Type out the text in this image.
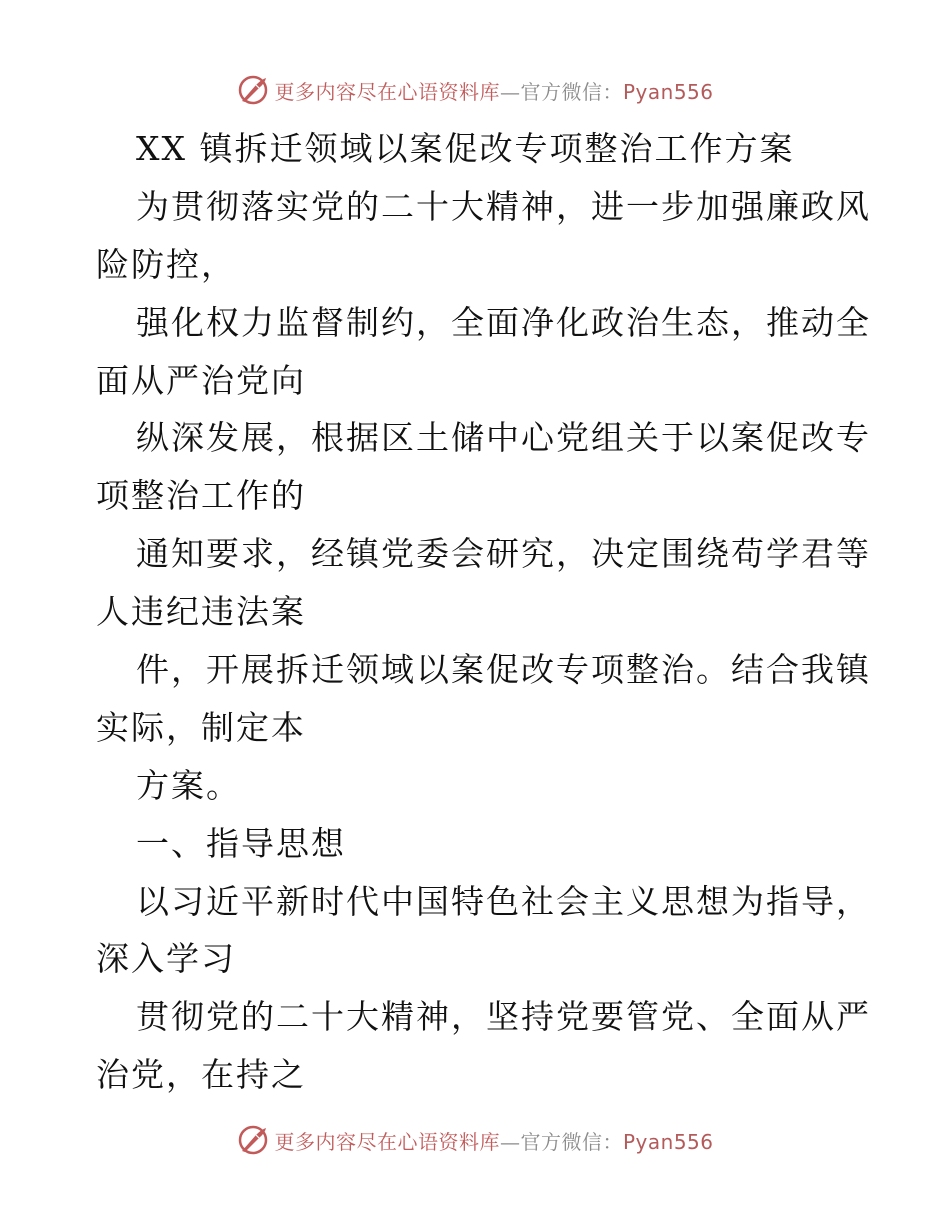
更多内容尽在心语资料库—官方微信：Pyan556
XX 镇拆迁领域以案促改专项整治工作方案
为贯彻落实党的二十大精神，进一步加强廉政风
险防控，
强化权力监督制约，全面净化政治生态，推动全
面从严治党向
纵深发展，根据区土储中心党组关于以案促改专
项整治工作的
通知要求，经镇党委会研究，决定围绕苟学君等
人违纪违法案
件，开展拆迁领域以案促改专项整治。结合我镇
实际，制定本
方案。
一、指导思想
以习近平新时代中国特色社会主义思想为指导，
深入学习
贯彻党的二十大精神，坚持党要管党、全面从严
治党，在持之
更多内容尽在心语资料库—官方微信：Pyan556
